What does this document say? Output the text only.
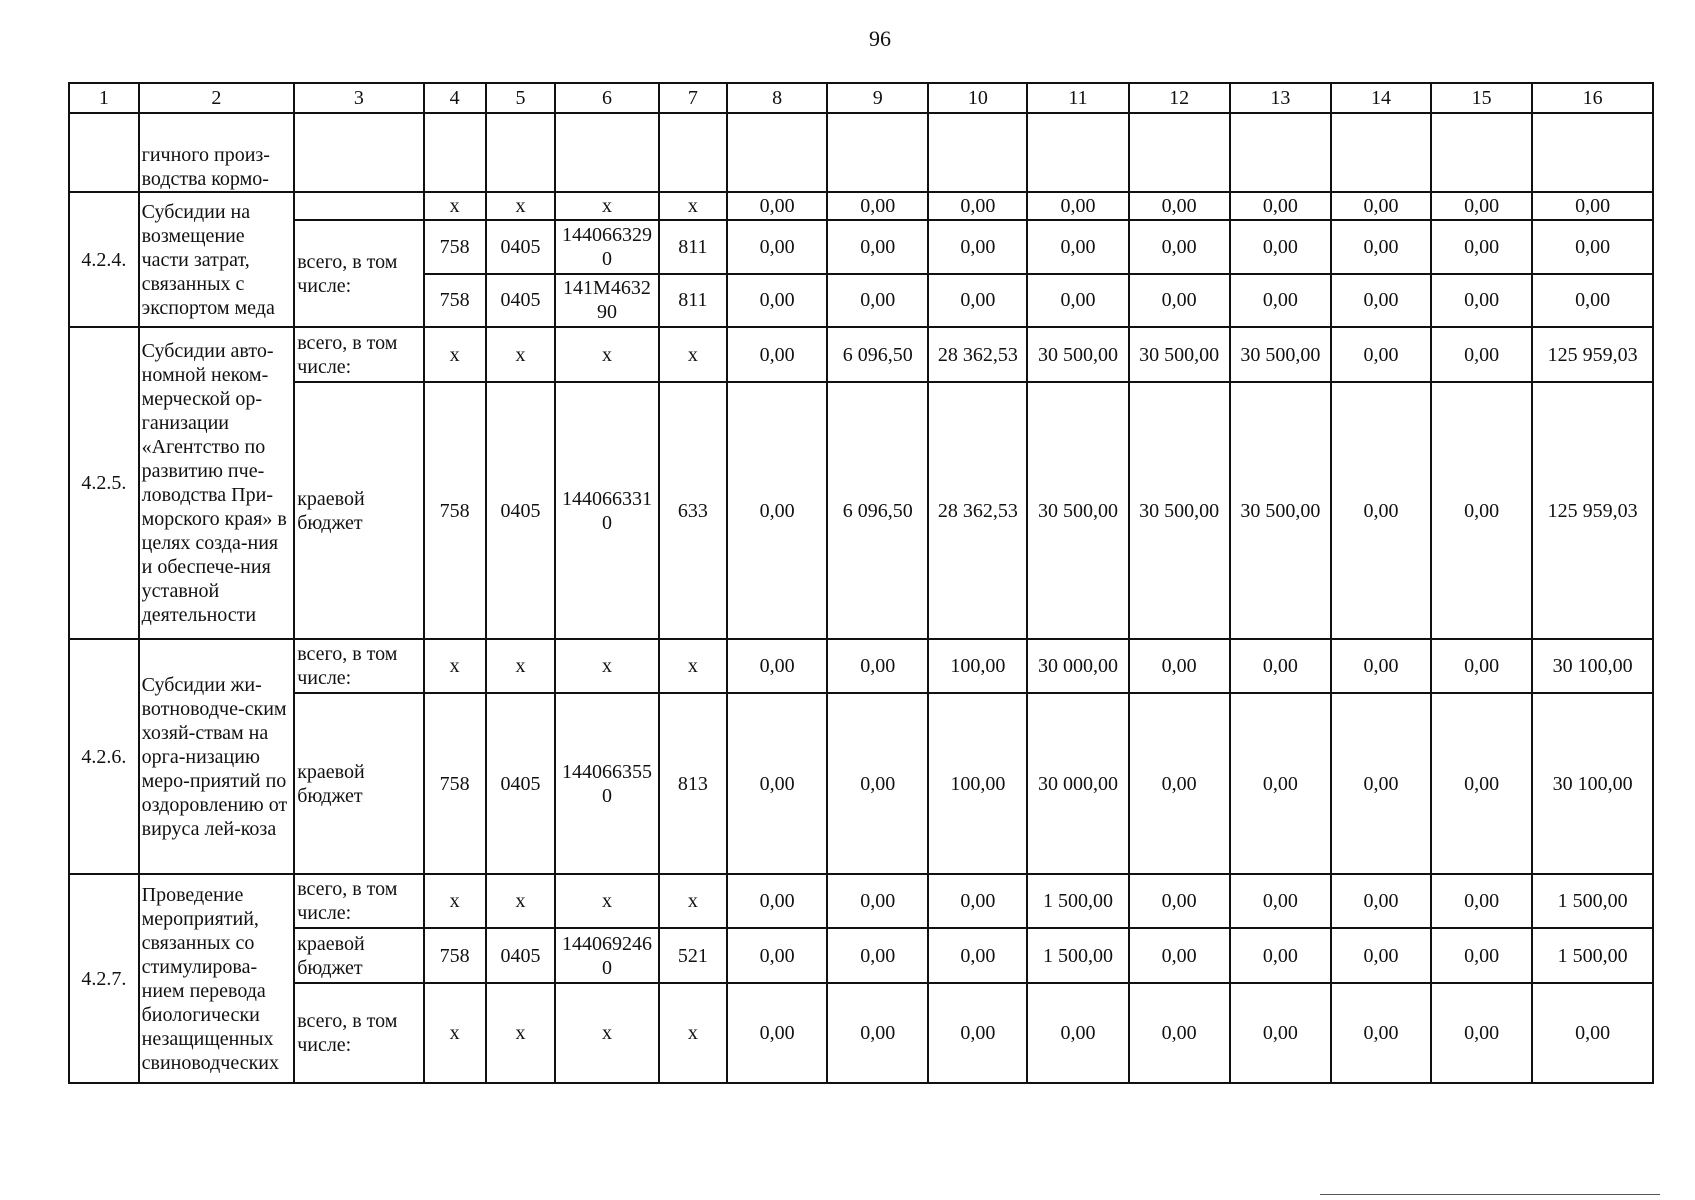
96
1	2	3	4	5	6	7	8	9	10	11	12	13	14	15	16
	гичного произ-водства кормо-														
4.2.4.	Субсидии на возмещение части затрат, связанных с экспортом меда		х	х	х	х	0,00	0,00	0,00	0,00	0,00	0,00	0,00	0,00	0,00
		всего, в том числе:	758	0405	1440663290	811	0,00	0,00	0,00	0,00	0,00	0,00	0,00	0,00	0,00
			758	0405	141M463290	811	0,00	0,00	0,00	0,00	0,00	0,00	0,00	0,00	0,00
4.2.5.	Субсидии авто-номной неком-мерческой ор-ганизации «Агентство по развитию пче-ловодства При-морского края» в целях созда-ния и обеспече-ния уставной деятельности	всего, в том числе:	х	х	х	х	0,00	6 096,50	28 362,53	30 500,00	30 500,00	30 500,00	0,00	0,00	125 959,03
		краевой бюджет	758	0405	1440663310	633	0,00	6 096,50	28 362,53	30 500,00	30 500,00	30 500,00	0,00	0,00	125 959,03
4.2.6.	Субсидии жи-вотноводче-ским хозяй-ствам на орга-низацию меро-приятий по оздоровлению от вируса лей-коза	всего, в том числе:	х	х	х	х	0,00	0,00	100,00	30 000,00	0,00	0,00	0,00	0,00	30 100,00
		краевой бюджет	758	0405	1440663550	813	0,00	0,00	100,00	30 000,00	0,00	0,00	0,00	0,00	30 100,00
4.2.7.	Проведение мероприятий, связанных со стимулирова-нием перевода биологически незащищенных свиноводческих	всего, в том числе:	х	х	х	х	0,00	0,00	0,00	1 500,00	0,00	0,00	0,00	0,00	1 500,00
		краевой бюджет	758	0405	1440692460	521	0,00	0,00	0,00	1 500,00	0,00	0,00	0,00	0,00	1 500,00
		всего, в том числе:	х	х	х	х	0,00	0,00	0,00	0,00	0,00	0,00	0,00	0,00	0,00
